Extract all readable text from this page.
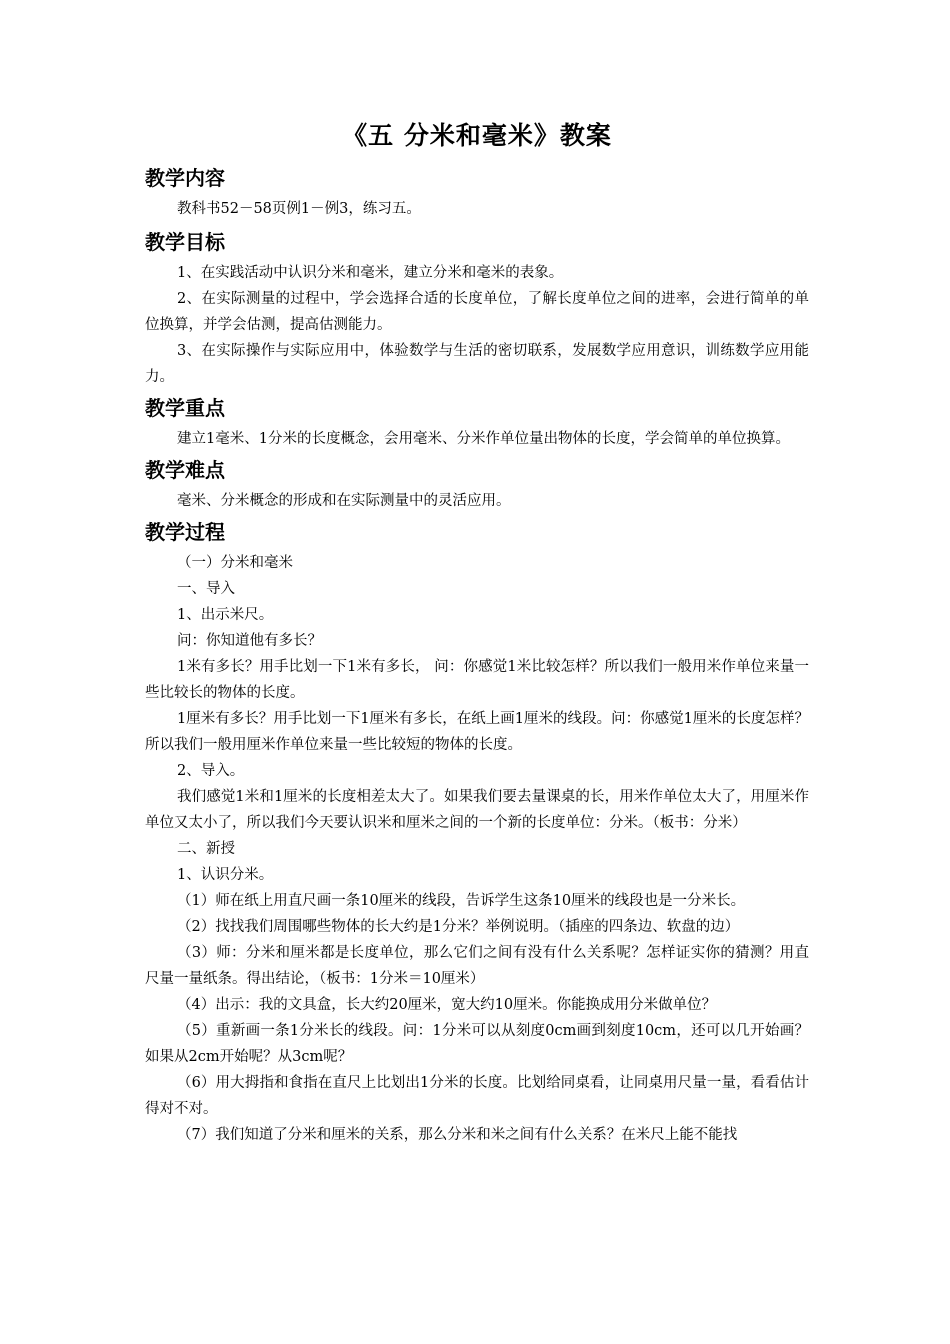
《五 分米和毫米》教案
教学内容

教科书52－58页例1－例3，练习五。

教学目标

1、在实践活动中认识分米和毫米，建立分米和毫米的表象。

2、在实际测量的过程中，学会选择合适的长度单位，了解长度单位之间的进率，会进行简单的单位换算，并学会估测，提高估测能力。

3、在实际操作与实际应用中，体验数学与生活的密切联系，发展数学应用意识，训练数学应用能力。

教学重点

建立1毫米、1分米的长度概念，会用毫米、分米作单位量出物体的长度，学会简单的单位换算。

教学难点

毫米、分米概念的形成和在实际测量中的灵活应用。

教学过程

（一）分米和毫米

一、导入

1、出示米尺。

问：你知道他有多长？

1米有多长？用手比划一下1米有多长， 问：你感觉1米比较怎样？所以我们一般用米作单位来量一些比较长的物体的长度。

1厘米有多长？用手比划一下1厘米有多长，在纸上画1厘米的线段。问：你感觉1厘米的长度怎样？所以我们一般用厘米作单位来量一些比较短的物体的长度。

2、导入。

我们感觉1米和1厘米的长度相差太大了。如果我们要去量课桌的长，用米作单位太大了，用厘米作单位又太小了，所以我们今天要认识米和厘米之间的一个新的长度单位：分米。（板书：分米）

二、新授

1、认识分米。

（1）师在纸上用直尺画一条10厘米的线段，告诉学生这条10厘米的线段也是一分米长。

（2）找找我们周围哪些物体的长大约是1分米？举例说明。（插座的四条边、软盘的边）

（3）师：分米和厘米都是长度单位，那么它们之间有没有什么关系呢？怎样证实你的猜测？用直尺量一量纸条。得出结论，（板书：1分米＝10厘米）

（4）出示：我的文具盒，长大约20厘米，宽大约10厘米。你能换成用分米做单位？

（5）重新画一条1分米长的线段。问：1分米可以从刻度0cm画到刻度10cm，还可以几开始画？如果从2cm开始呢？从3cm呢？

（6）用大拇指和食指在直尺上比划出1分米的长度。比划给同桌看，让同桌用尺量一量，看看估计得对不对。

（7）我们知道了分米和厘米的关系，那么分米和米之间有什么关系？在米尺上能不能找
